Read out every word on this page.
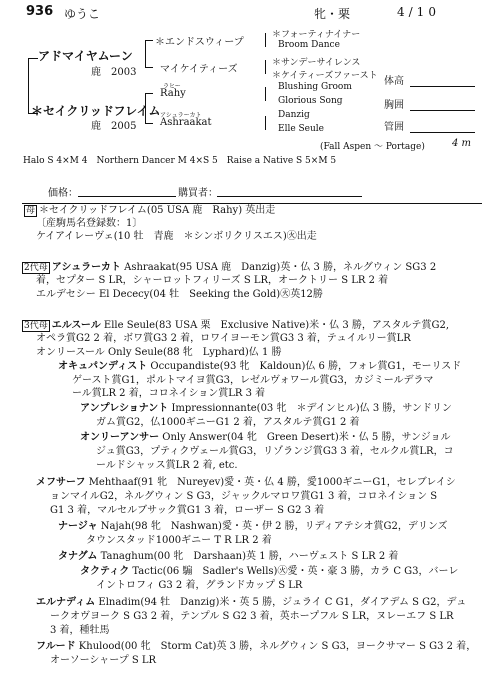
936 ゆうこ	牝・栗	4/10
アドマイヤムーン
鹿　2003
＊エンドスウィープ
マイケイティーズ
＊フォーティナイナー
Broom Dance
＊サンデーサイレンス
＊ケイティーズファースト
＊セイクリッドフレイム
鹿　2005
ラヒー
Rahy
アシュラーカト
Ashraakat
Blushing Groom
Glorious Song
Danzig
Elle Seule
(Fall Aspen ～ Portage)	4 m
体高
胸囲
管囲
Halo S 4×M 4　Northern Dancer M 4×S 5　Raise a Native S 5×M 5
価格：	購買者：
母 ＊セイクリッドフレイム(05 USA 鹿　Rahy) 英出走
〔産駒馬名登録数：1〕
ケイアイレーヴェ(10 牡　青鹿　＊シンボリクリスエス)㊋出走
2代母 アシュラーカト Ashraakat(95 USA 鹿　Danzig)英・仏 3 勝，ネルグウィン SG3 2
着，セプター S LR，シャーロットフィリーズ S LR，オークトリー S LR 2 着
エルデセシー El Dececy(04 牡　Seeking the Gold)㊋英12勝
3代母 エルスール Elle Seule(83 USA 栗　Exclusive Native)米・仏 3 勝，アスタルテ賞G2,
オペラ賞G2 2 着，ボワ賞G3 2 着，ロワイヨーモン賞G3 3 着，テュイルリー賞LR
オンリースール Only Seule(88 牝　Lyphard)仏 1 勝
オキュパンディスト Occupandiste(93 牝　Kaldoun)仏 6 勝，フォレ賞G1，モーリスド
ゲースト賞G1，ポルトマイヨ賞G3，レゼルヴォワール賞G3，カジミールデラマ
ール賞LR 2 着，コロネイション賞LR 3 着
アンプレショナント Impressionnante(03 牝　＊デインヒル)仏 3 勝，サンドリン
ガム賞G2，仏1000ギニーG1 2 着，アスタルテ賞G1 2 着
オンリーアンサー Only Answer(04 牝　Green Desert)米・仏 5 勝，サンジョル
ジュ賞G3，プティクヴェール賞G3，リゾランジ賞G3 3 着，セルクル賞LR，コ
ールドシャッス賞LR 2 着, etc.
メフサーフ Mehthaaf(91 牝　Nureyev)愛・英・仏 4 勝，愛1000ギニーG1，セレブレイシ
ョンマイルG2，ネルグウィン S G3，ジャックルマロワ賞G1 3 着，コロネイション S
G1 3 着，マルセルブサック賞G1 3 着，ローザー S G2 3 着
ナージャ Najah(98 牝　Nashwan)愛・英・伊 2 勝，リディアテシオ賞G2，デリンズ
タウンスタッド1000ギニー T R LR 2 着
タナグム Tanaghum(00 牝　Darshaan)英 1 勝，ハーヴェスト S LR 2 着
タクティク Tactic(06 騸　Sadler's Wells)㊋愛・英・豪 3 勝，カラ C G3，バーレ
イントロフィ G3 2 着，グランドカップ S LR
エルナディム Elnadim(94 牡　Danzig)米・英 5 勝，ジュライ C G1，ダイアデム S G2，デュ
ークオヴヨーク S G3 2 着，テンプル S G2 3 着，英ホープフル S LR，ヌレーエフ S LR
3 着，種牡馬
フルード Khulood(00 牝　Storm Cat)英 3 勝，ネルグウィン S G3，ヨークサマー S G3 2 着，
オーソーシャープ S LR
